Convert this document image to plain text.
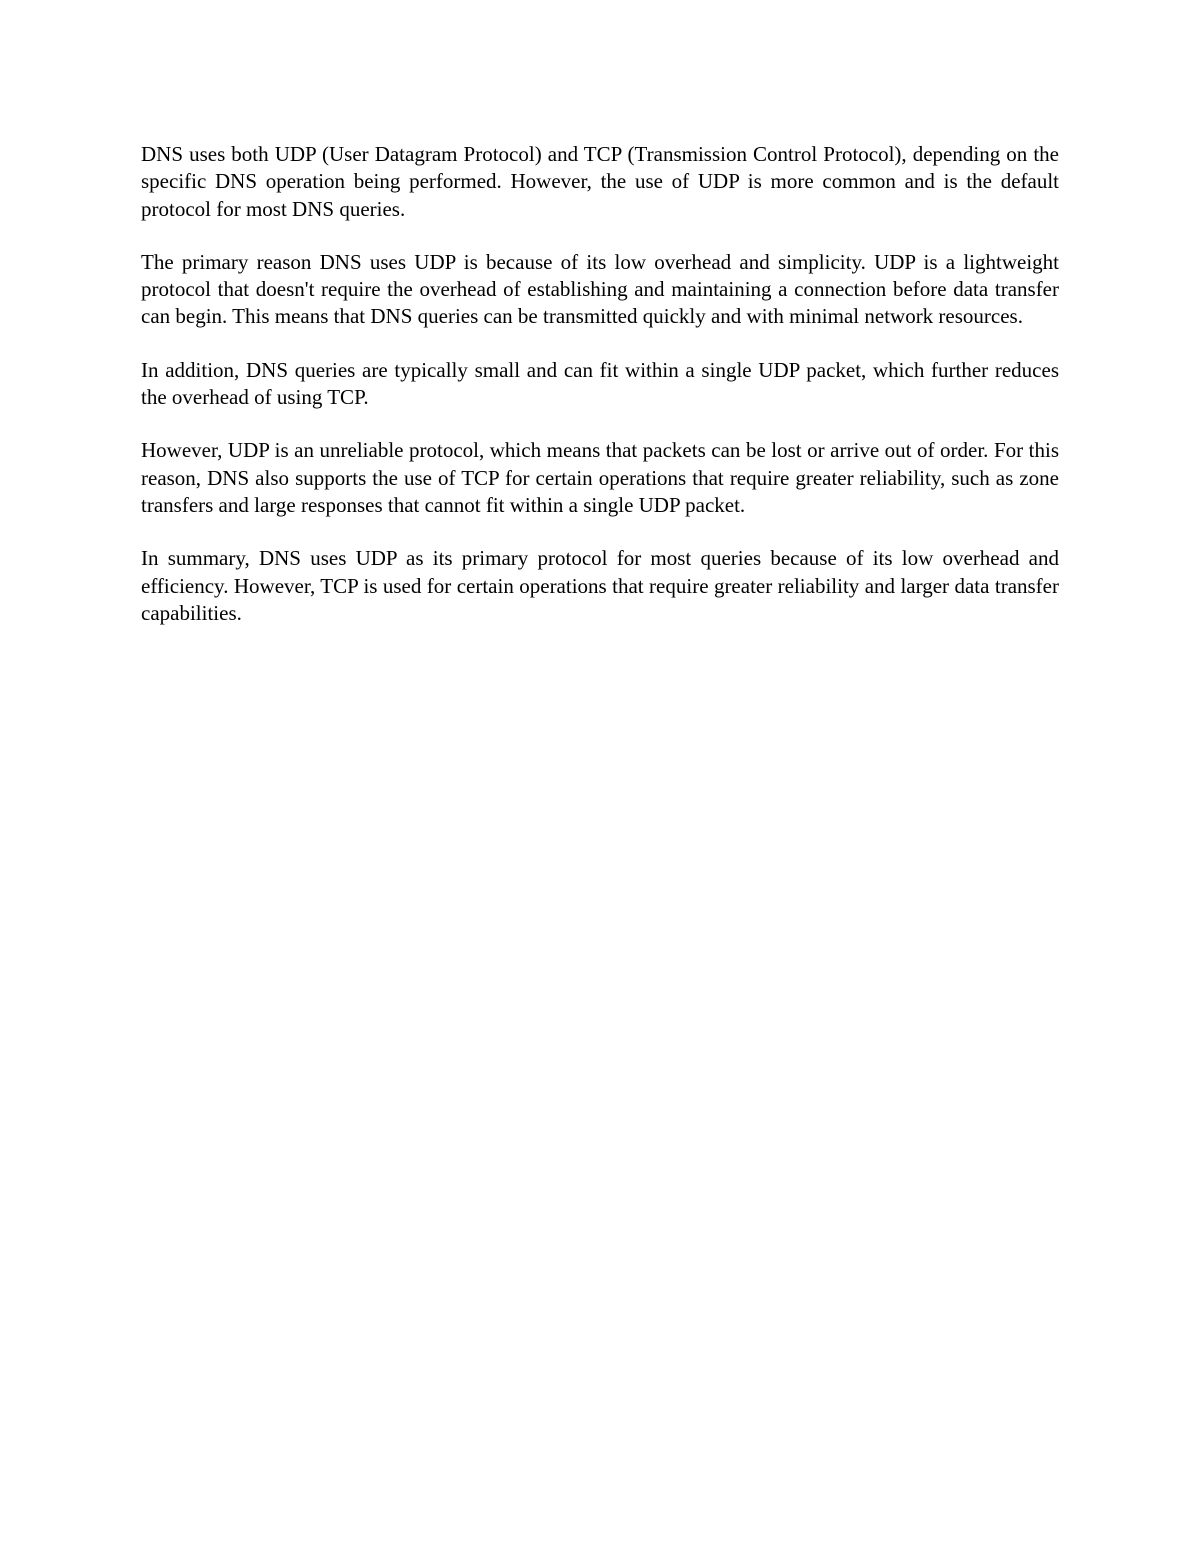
DNS uses both UDP (User Datagram Protocol) and TCP (Transmission Control Protocol), depending on the specific DNS operation being performed. However, the use of UDP is more common and is the default protocol for most DNS queries.

The primary reason DNS uses UDP is because of its low overhead and simplicity. UDP is a lightweight protocol that doesn't require the overhead of establishing and maintaining a connection before data transfer can begin. This means that DNS queries can be transmitted quickly and with minimal network resources.

In addition, DNS queries are typically small and can fit within a single UDP packet, which further reduces the overhead of using TCP.

However, UDP is an unreliable protocol, which means that packets can be lost or arrive out of order. For this reason, DNS also supports the use of TCP for certain operations that require greater reliability, such as zone transfers and large responses that cannot fit within a single UDP packet.

In summary, DNS uses UDP as its primary protocol for most queries because of its low overhead and efficiency. However, TCP is used for certain operations that require greater reliability and larger data transfer capabilities.
